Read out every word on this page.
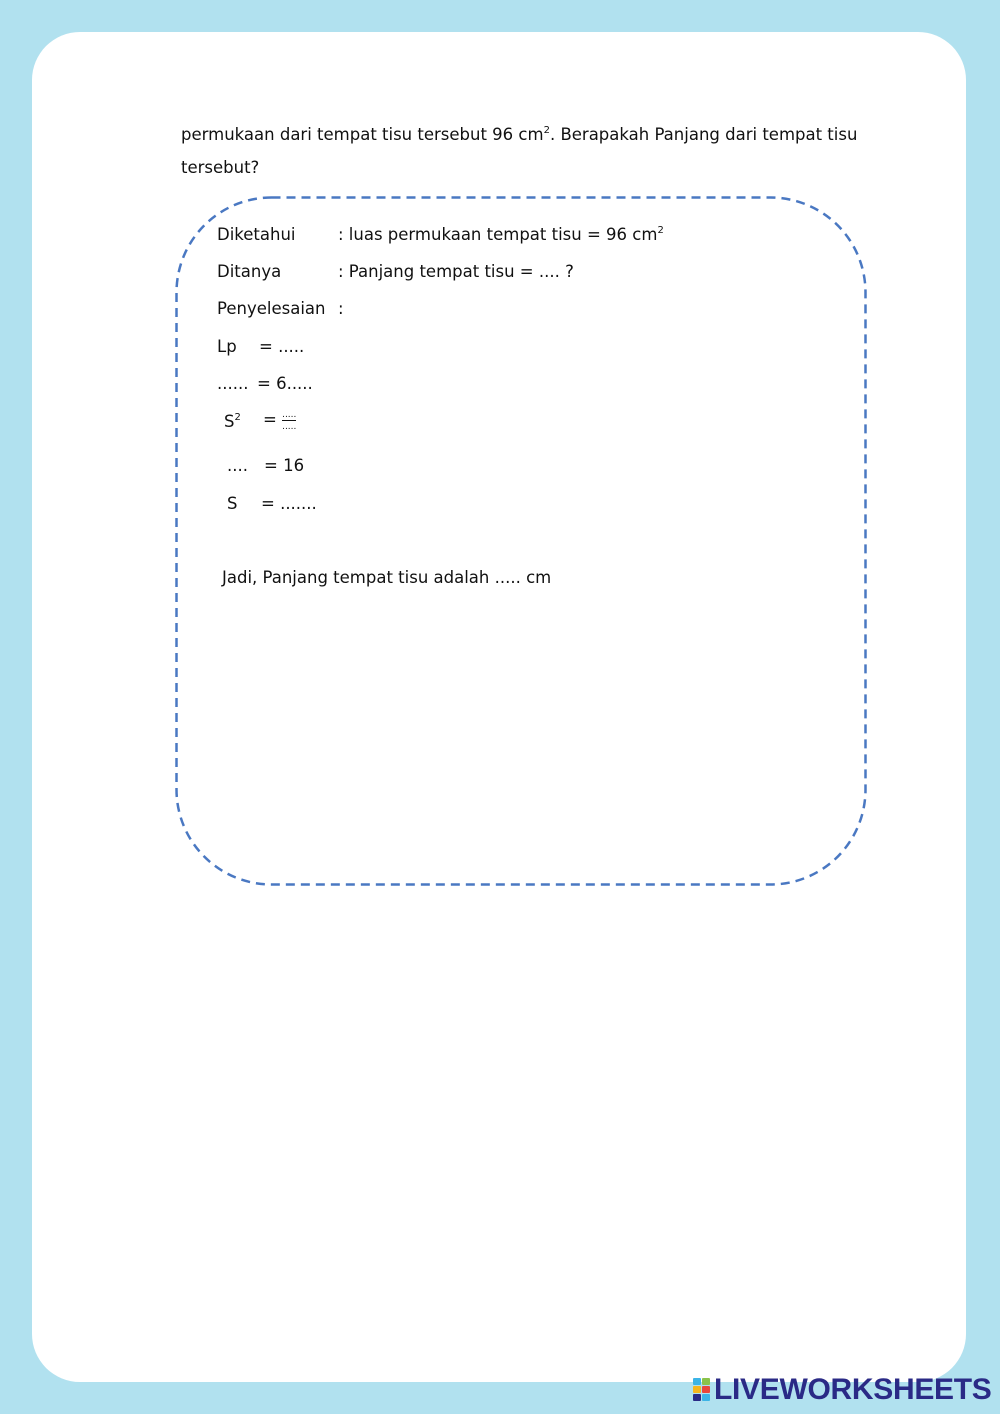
permukaan dari tempat tisu tersebut 96 $cm^2$. Berapakah Panjang dari tempat tisu

tersebut?

Diketahui	: luas permukaan tempat tisu = 96 $cm^2$
Ditanya	: Panjang tempat tisu = .... ?
Penyelesaian :
Lp = .....
...... = 6.....
$S^2 = \frac{.....}{.....}$
.... = 16
S = .......
Jadi, Panjang tempat tisu adalah ..... cm
LIVEWORKSHEETS
